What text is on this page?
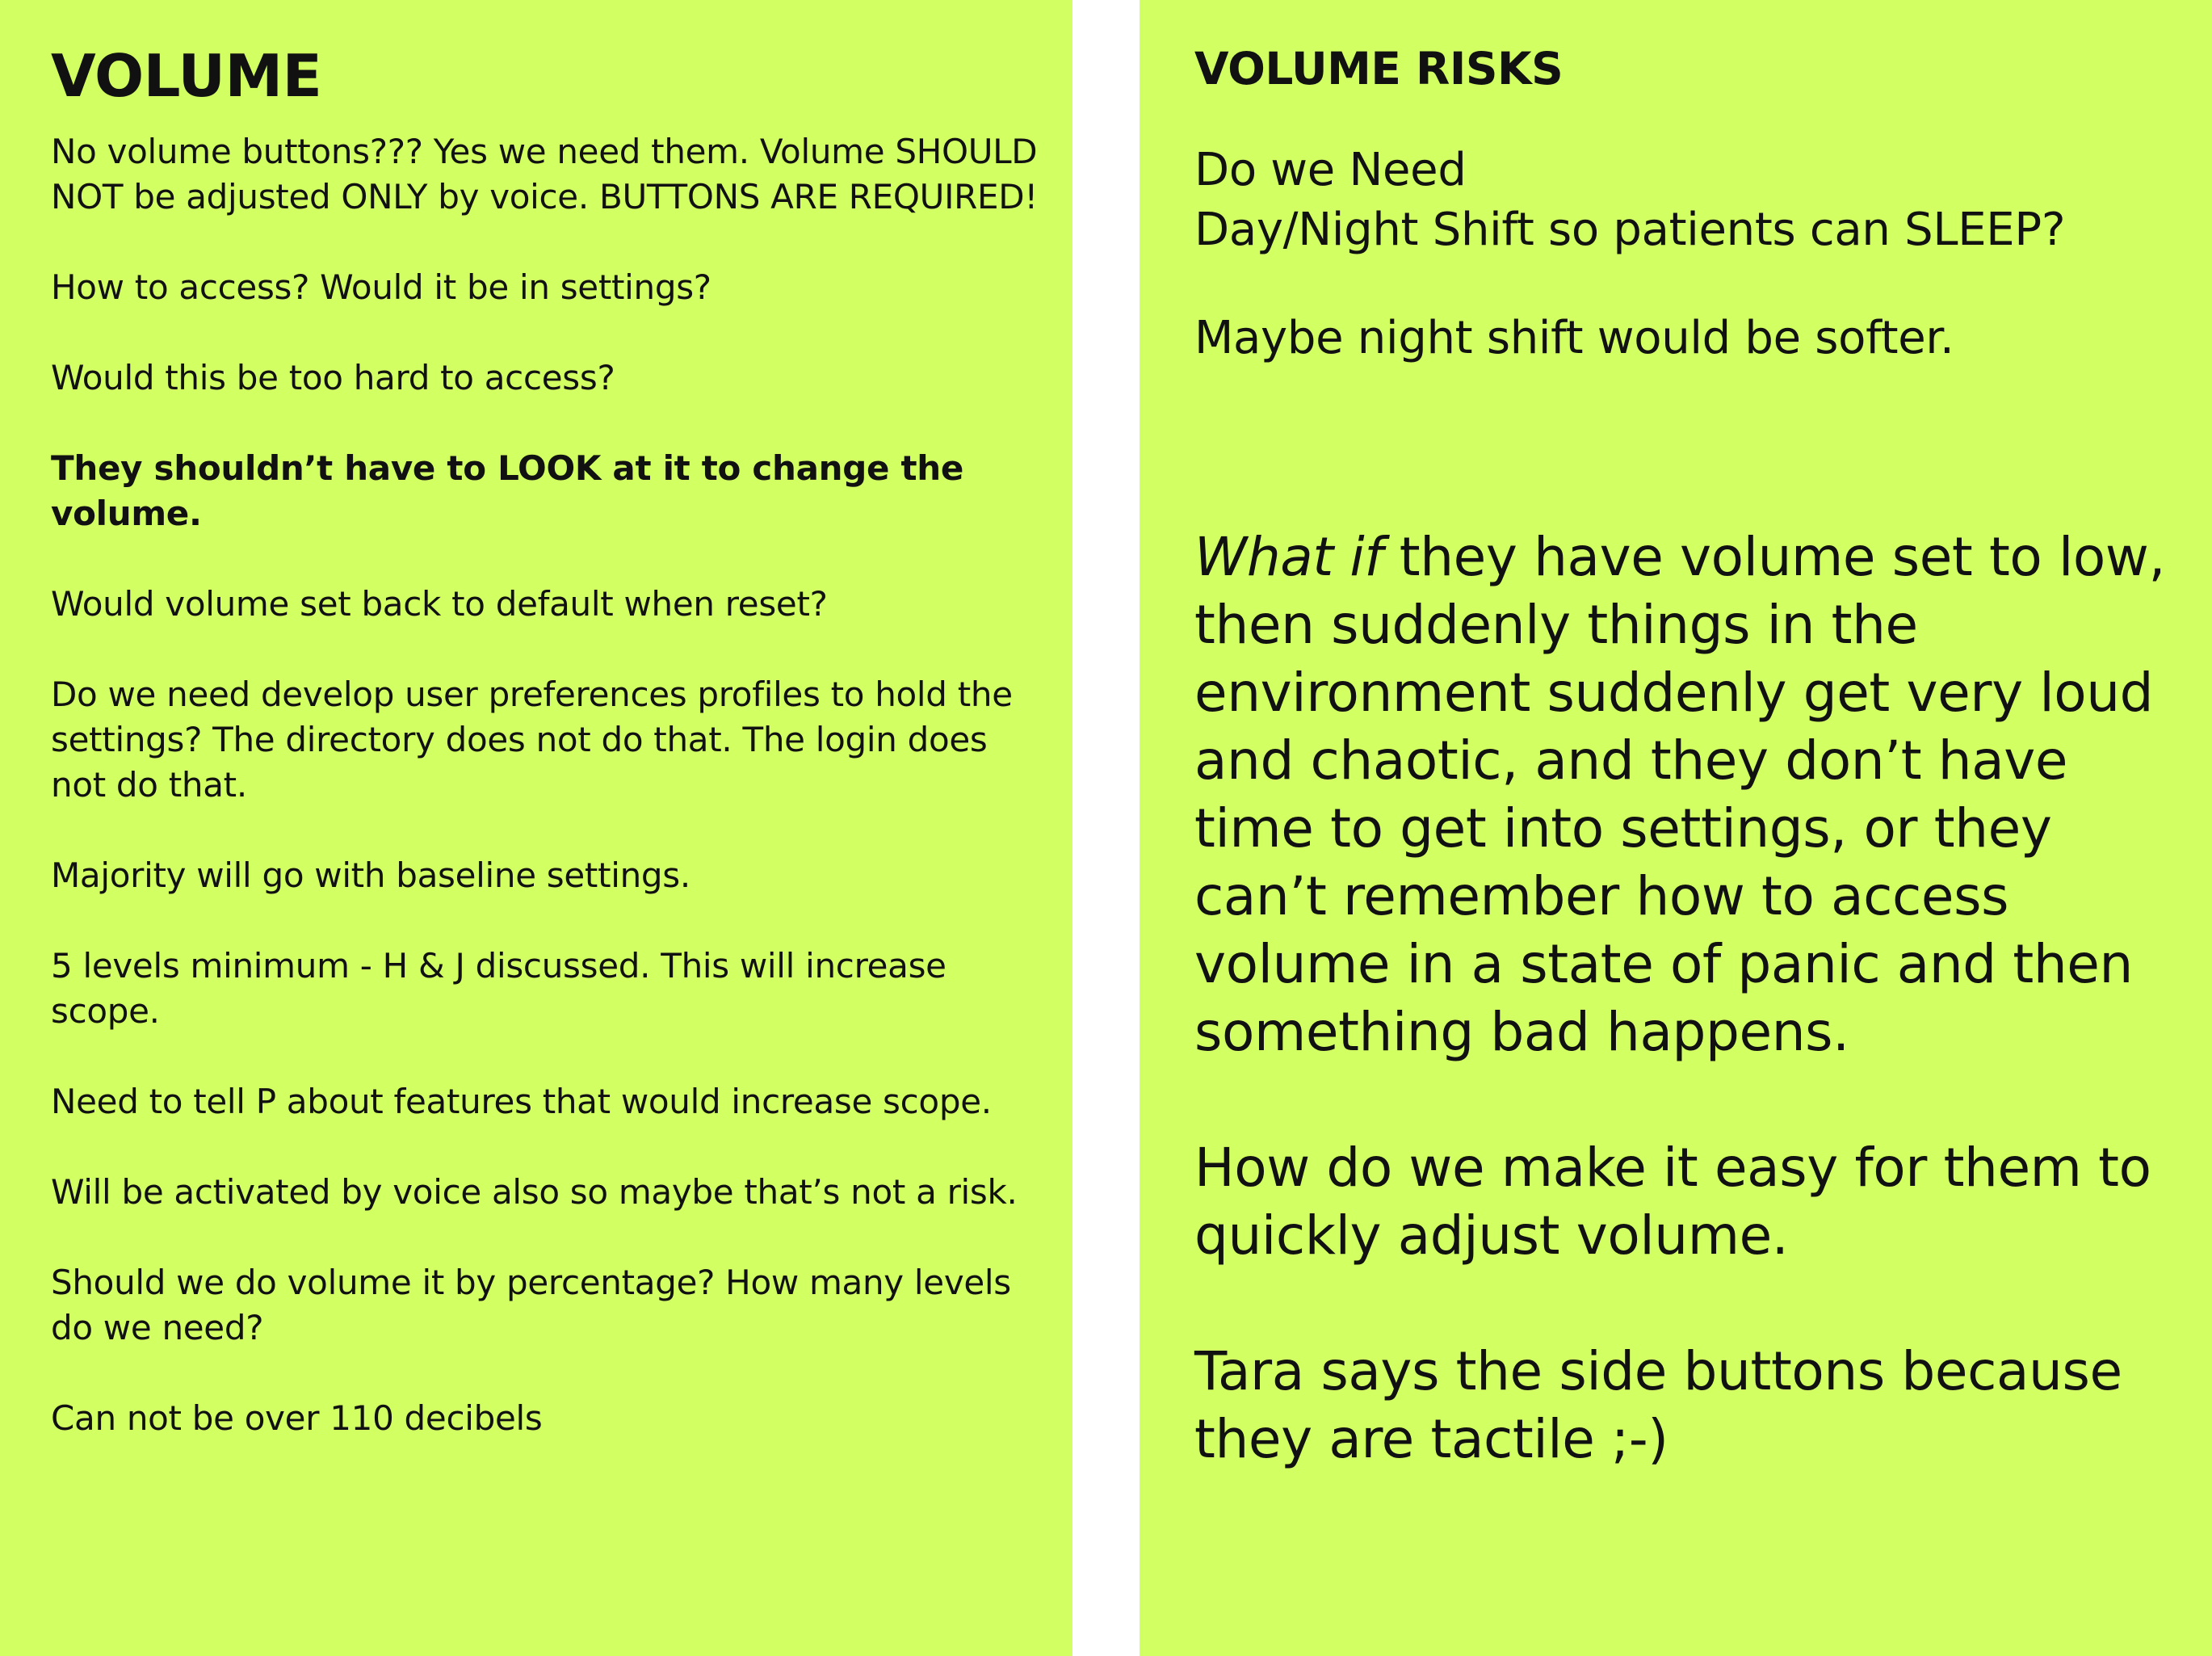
VOLUME
No volume buttons??? Yes we need them. Volume SHOULD NOT be adjusted ONLY by voice. BUTTONS ARE REQUIRED!
How to access? Would it be in settings?
Would this be too hard to access?
They shouldn’t have to LOOK at it to change the volume.
Would volume set back to default when reset?
Do we need develop user preferences profiles to hold the settings? The directory does not do that. The login does not do that.
Majority will go with baseline settings.
5 levels minimum - H & J discussed. This will increase scope.
Need to tell P about features that would increase scope.
Will be activated by voice also so maybe that’s not a risk.
Should we do volume it by percentage? How many levels do we need?
Can not be over 110 decibels
VOLUME RISKS
Do we Need
Day/Night Shift so patients can SLEEP?
Maybe night shift would be softer.
What if they have volume set to low, then suddenly things in the environment suddenly get very loud and chaotic, and they don’t have time to get into settings, or they can’t remember how to access volume in a state of panic and then something bad happens.
How do we make it easy for them to quickly adjust volume.
Tara says the side buttons because they are tactile ;-)
